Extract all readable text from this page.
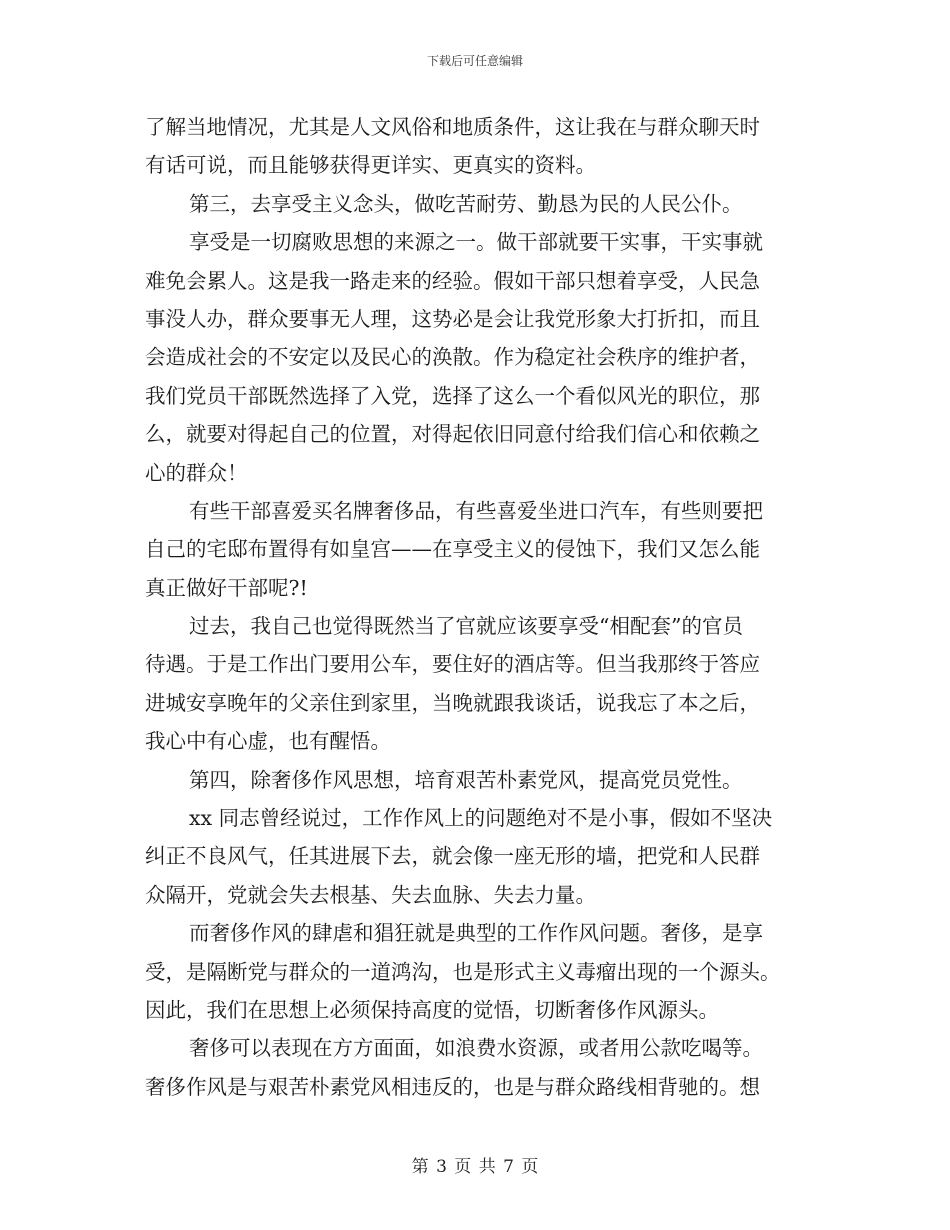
下载后可任意编辑
了解当地情况，尤其是人文风俗和地质条件，这让我在与群众聊天时
有话可说，而且能够获得更详实、更真实的资料。
第三，去享受主义念头，做吃苦耐劳、勤恳为民的人民公仆。
享受是一切腐败思想的来源之一。做干部就要干实事，干实事就
难免会累人。这是我一路走来的经验。假如干部只想着享受，人民急
事没人办，群众要事无人理，这势必是会让我党形象大打折扣，而且
会造成社会的不安定以及民心的涣散。作为稳定社会秩序的维护者，
我们党员干部既然选择了入党，选择了这么一个看似风光的职位，那
么，就要对得起自己的位置，对得起依旧同意付给我们信心和依赖之
心的群众！
有些干部喜爱买名牌奢侈品，有些喜爱坐进口汽车，有些则要把
自己的宅邸布置得有如皇宫——在享受主义的侵蚀下，我们又怎么能
真正做好干部呢?!
过去，我自己也觉得既然当了官就应该要享受“相配套”的官员
待遇。于是工作出门要用公车，要住好的酒店等。但当我那终于答应
进城安享晚年的父亲住到家里，当晚就跟我谈话，说我忘了本之后，
我心中有心虚，也有醒悟。
第四，除奢侈作风思想，培育艰苦朴素党风，提高党员党性。
xx 同志曾经说过，工作作风上的问题绝对不是小事，假如不坚决
纠正不良风气，任其进展下去，就会像一座无形的墙，把党和人民群
众隔开，党就会失去根基、失去血脉、失去力量。
而奢侈作风的肆虐和猖狂就是典型的工作作风问题。奢侈，是享
受，是隔断党与群众的一道鸿沟，也是形式主义毒瘤出现的一个源头。
因此，我们在思想上必须保持高度的觉悟，切断奢侈作风源头。
奢侈可以表现在方方面面，如浪费水资源，或者用公款吃喝等。
奢侈作风是与艰苦朴素党风相违反的，也是与群众路线相背驰的。想
第 3 页 共 7 页
